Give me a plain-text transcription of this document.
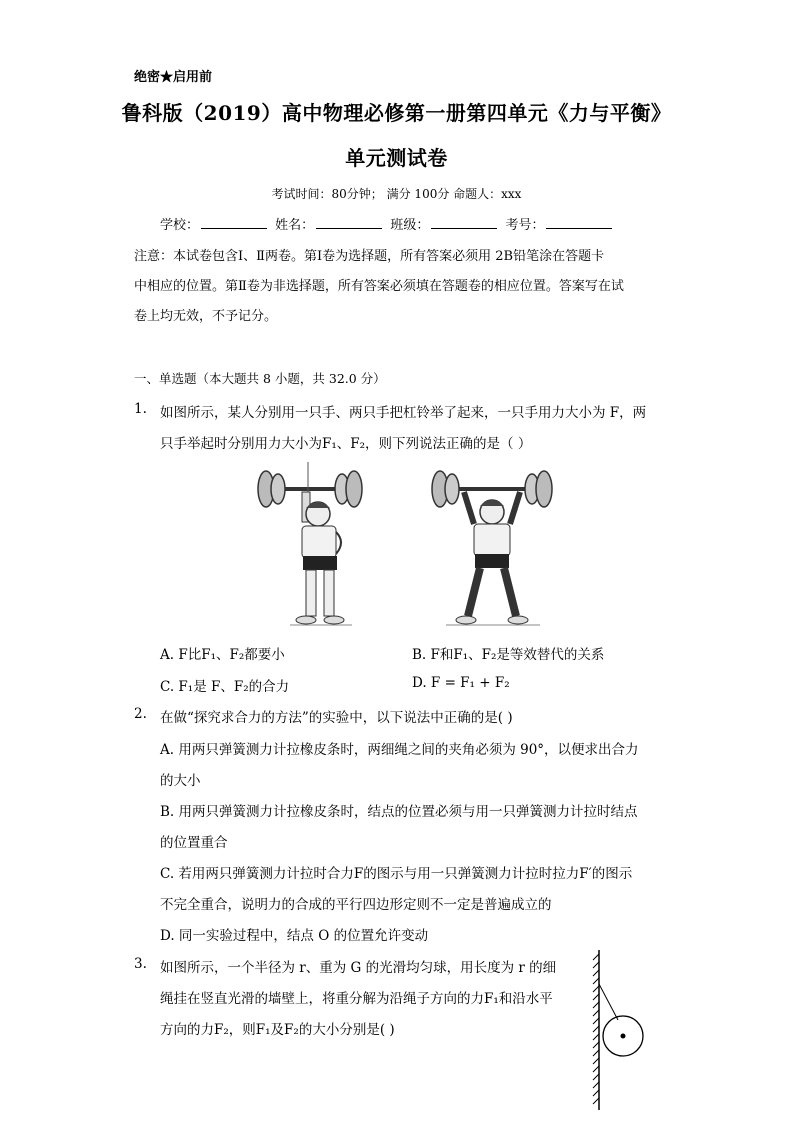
绝密★启用前
鲁科版（2019）高中物理必修第一册第四单元《力与平衡》
单元测试卷
考试时间：80分钟； 满分 100分 命题人：xxx
学校：	姓名：	班级：	考号：
注意：本试卷包含Ⅰ、Ⅱ两卷。第Ⅰ卷为选择题，所有答案必须用 2B铅笔涂在答题卡
中相应的位置。第Ⅱ卷为非选择题，所有答案必须填在答题卷的相应位置。答案写在试
卷上均无效，不予记分。
一、单选题（本大题共 8 小题，共 32.0 分）
1. 如图所示，某人分别用一只手、两只手把杠铃举了起来，一只手用力大小为 F，两
只手举起时分别用力大小为F₁、F₂，则下列说法正确的是（ ）
A. F比F₁、F₂都要小	B. F和F₁、F₂是等效替代的关系
C. F₁是 F、F₂的合力	D. F = F₁ + F₂
2. 在做“探究求合力的方法”的实验中，以下说法中正确的是( )
A. 用两只弹簧测力计拉橡皮条时，两细绳之间的夹角必须为 90°，以便求出合力
的大小
B. 用两只弹簧测力计拉橡皮条时，结点的位置必须与用一只弹簧测力计拉时结点
的位置重合
C. 若用两只弹簧测力计拉时合力F的图示与用一只弹簧测力计拉时拉力F′的图示
不完全重合，说明力的合成的平行四边形定则不一定是普遍成立的
D. 同一实验过程中，结点 O 的位置允许变动
3. 如图所示，一个半径为 r、重为 G 的光滑均匀球，用长度为 r 的细
绳挂在竖直光滑的墙壁上，将重分解为沿绳子方向的力F₁和沿水平
方向的力F₂，则F₁及F₂的大小分别是( )
